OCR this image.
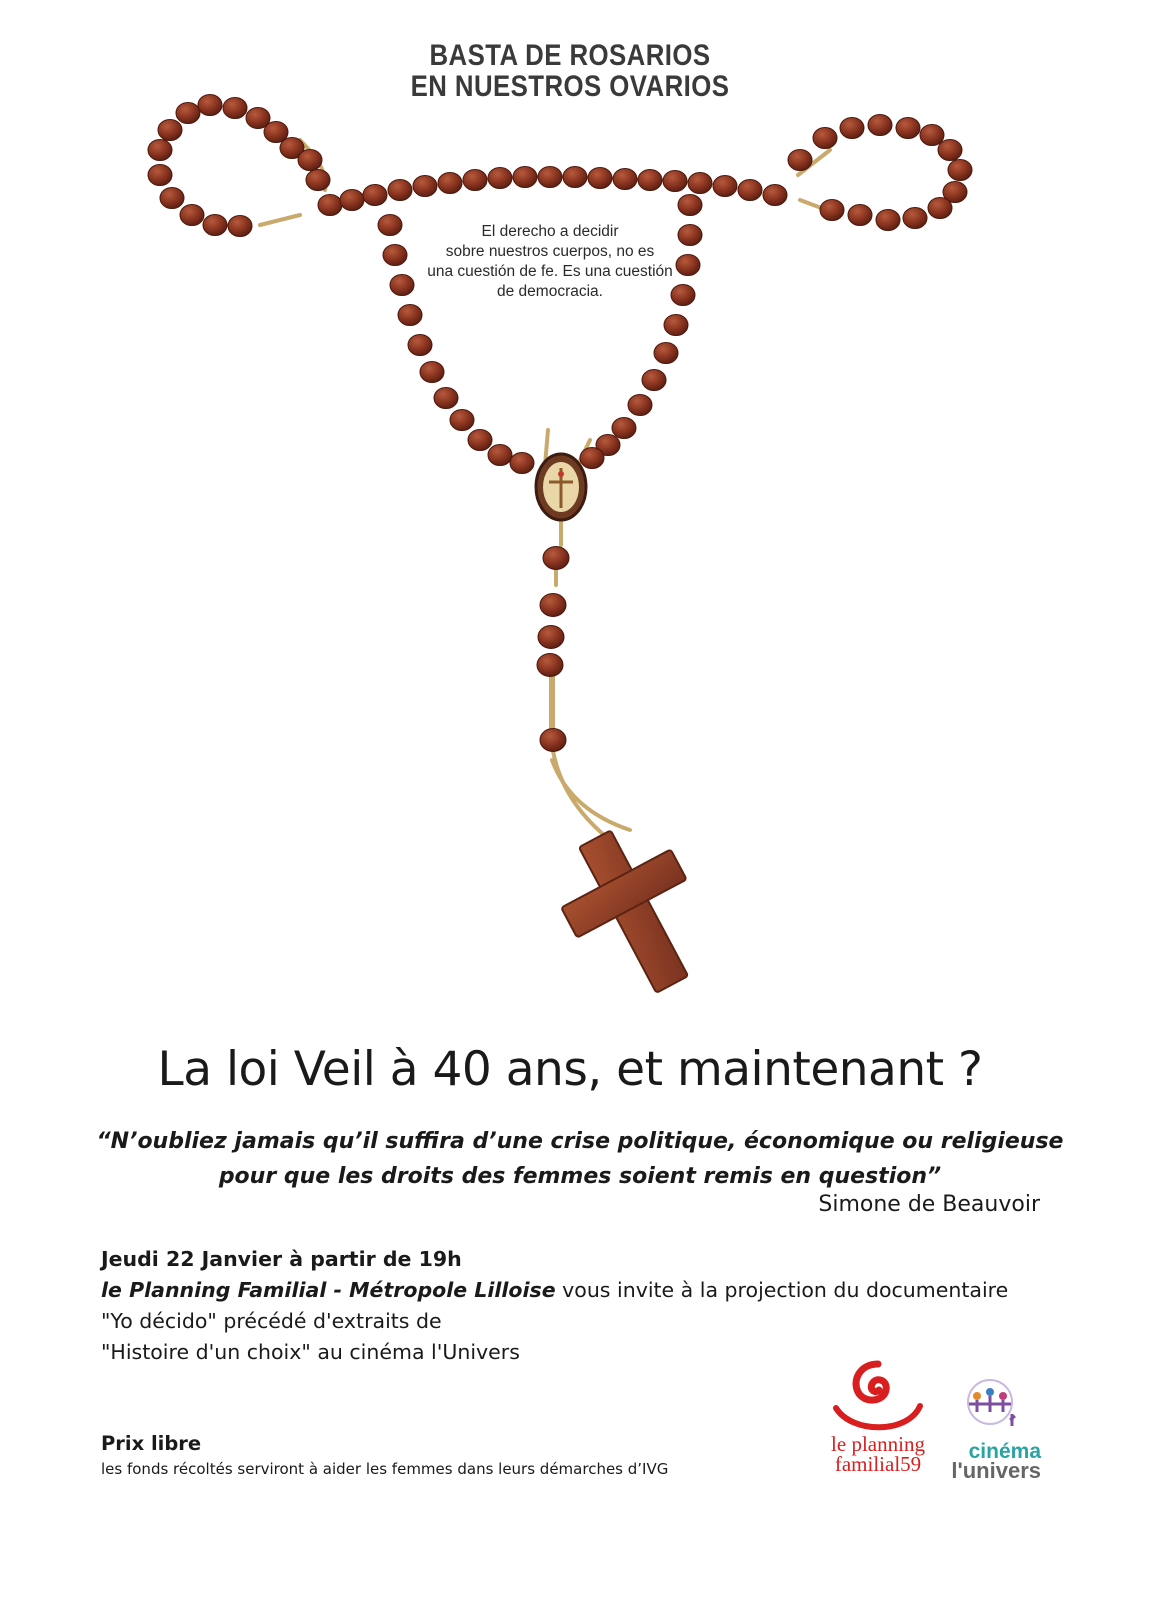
BASTA DE ROSARIOS
EN NUESTROS OVARIOS
El derecho a decidir
sobre nuestros cuerpos, no es
una cuestión de fe. Es una cuestión
de democracia.
La loi Veil à 40 ans, et maintenant ?
“N’oubliez jamais qu’il suffira d’une crise politique, économique ou religieuse
pour que les droits des femmes soient remis en question”
Simone de Beauvoir
Jeudi 22 Janvier à partir de 19h
le Planning Familial - Métropole Lilloise vous invite à la projection du documentaire
"Yo décido" précédé d'extraits de
"Histoire d'un choix" au cinéma l'Univers
Prix libre
les fonds récoltés serviront à aider les femmes dans leurs démarches d’IVG
le planning
familial59
cinéma
l'univers
